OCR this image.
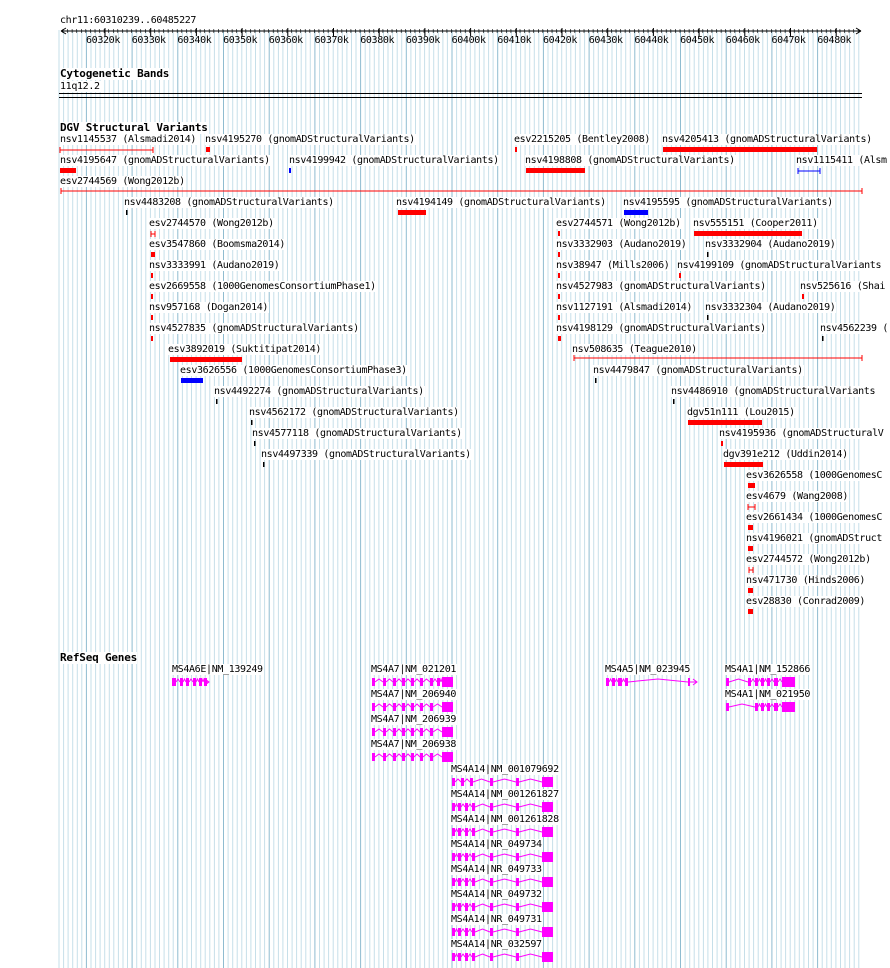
chr11:60310239..60485227
60320k 60330k 60340k 60350k 60360k 60370k 60380k 60390k 60400k 60410k 60420k 60430k 60440k 60450k 60460k 60470k 60480k
Cytogenetic Bands
11q12.2
DGV Structural Variants
nsv1145537 (Alsmadi2014) nsv4195270 (gnomADStructuralVariants)	esv2215205 (Bentley2008) nsv4205413 (gnomADStructuralVariants)
nsv4195647 (gnomADStructuralVariants) nsv4199942 (gnomADStructuralVariants)	nsv4198808 (gnomADStructuralVariants)	nsv1115411 (Alsm
esv2744569 (Wong2012b)
nsv4483208 (gnomADStructuralVariants)	nsv4194149 (gnomADStructuralVariants) nsv4195595 (gnomADStructuralVariants)
esv2744570 (Wong2012b)	esv2744571 (Wong2012b) nsv555151 (Cooper2011)
esv3547860 (Boomsma2014)	nsv3332903 (Audano2019) nsv3332904 (Audano2019)
nsv3333991 (Audano2019)	nsv38947 (Mills2006) nsv4199109 (gnomADStructuralVariants
esv2669558 (1000GenomesConsortiumPhase1)	nsv4527983 (gnomADStructuralVariants)	nsv525616 (Shai
nsv957168 (Dogan2014)	nsv1127191 (Alsmadi2014) nsv3332304 (Audano2019)
nsv4527835 (gnomADStructuralVariants)	nsv4198129 (gnomADStructuralVariants)	nsv4562239 (
esv3892019 (Suktitipat2014)	nsv508635 (Teague2010)
esv3626556 (1000GenomesConsortiumPhase3)	nsv4479847 (gnomADStructuralVariants)
nsv4492274 (gnomADStructuralVariants)	nsv4486910 (gnomADStructuralVariants
nsv4562172 (gnomADStructuralVariants)	dgv51n111 (Lou2015)
nsv4577118 (gnomADStructuralVariants)	nsv4195936 (gnomADStructuralV
nsv4497339 (gnomADStructuralVariants)	dgv391e212 (Uddin2014)
esv3626558 (1000GenomesC
esv4679 (Wang2008)
esv2661434 (1000GenomesC
nsv4196021 (gnomADStruct
esv2744572 (Wong2012b)
nsv471730 (Hinds2006)
esv28830 (Conrad2009)
RefSeq Genes
MS4A6E|NM_139249	MS4A7|NM_021201	MS4A5|NM_023945	MS4A1|NM_152866
MS4A7|NM_206940	MS4A1|NM_021950
MS4A7|NM_206939
MS4A7|NM_206938
MS4A14|NM_001079692
MS4A14|NM_001261827
MS4A14|NM_001261828
MS4A14|NR_049734
MS4A14|NR_049733
MS4A14|NR_049732
MS4A14|NR_049731
MS4A14|NR_032597
